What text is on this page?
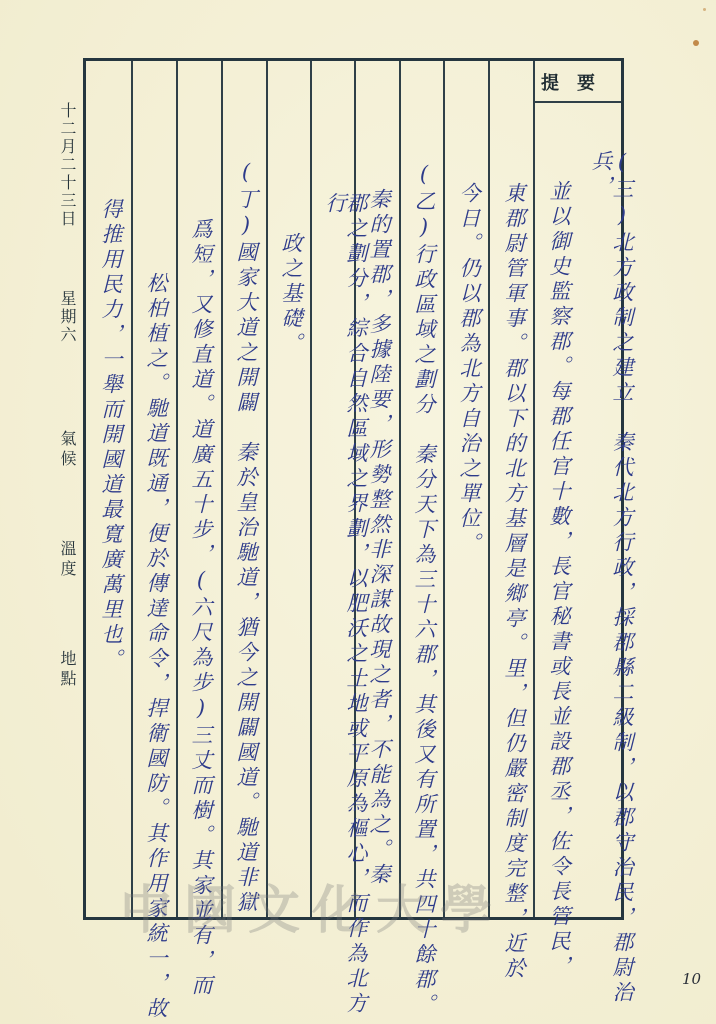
十二月二十三日
星期六
氣候
溫度
地點
提要
(三)北方政制之建立　秦代北方行政，採郡縣二級制，以郡守治民，郡尉治兵，
並以御史監察郡。每郡任官十數，長官秘書或長並設郡丞，佐令長管民，
東郡尉管軍事。郡以下的北方基層是鄉亭。里，但仍嚴密制度完整，近於
今日。仍以郡為北方自治之單位。
(乙)行政區域之劃分　秦分天下為三十六郡，其後又有所置，共四十餘郡。
秦的置郡，多據陸要，形勢整然非深謀故現之者，不能為之。秦
郡之劃分，綜合自然區域之界劃，以肥沃之土地或平原為樞心，而作為北方行
政之基礎。
(丁)國家大道之開闢　秦於皇治馳道，猶今之開闢國道。馳道非獄
爲短，又修直道。道廣五十步，(六尺為步)三丈而樹。其家並有，而
松柏植之。馳道既通，便於傳達命令，捍衛國防。其作用家統一，故
得推用民力，一舉而開國道最寬廣萬里也。
中國文化大學
10
